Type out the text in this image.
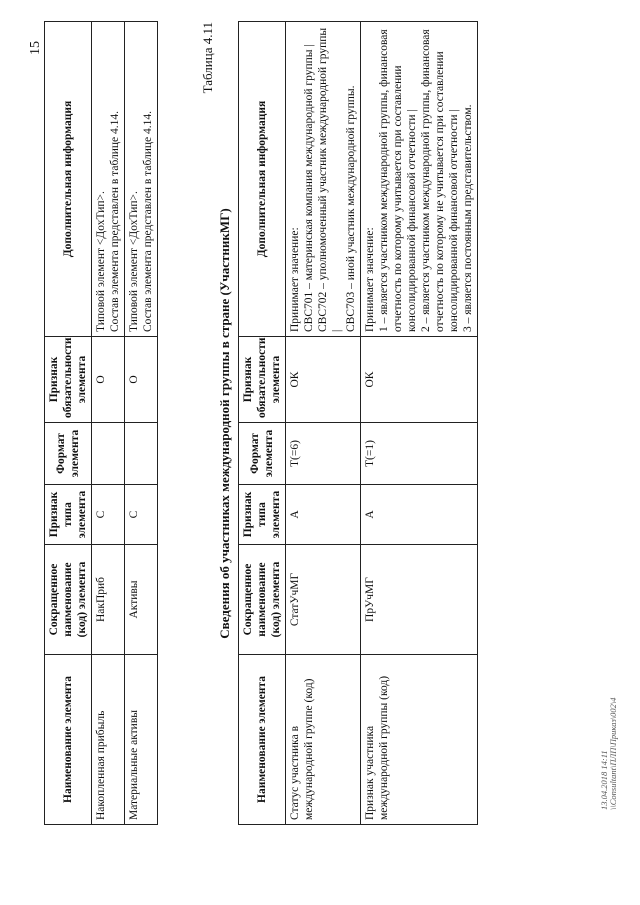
15
Наименование элемента	Сокращенное наименование (код) элемента	Признак типа элемента	Формат элемента	Признак обязательности элемента	Дополнительная информация
Накопленная прибыль	НакПриб	С		О	Типовой элемент <ДохТип>. Состав элемента представлен в таблице 4.14.

Материальные активы	Активы	С		О	Типовой элемент <ДохТип>. Состав элемента представлен в таблице 4.14.
Таблица 4.11
Сведения об участниках международной группы в стране (УчастникМГ)
Наименование элемента	Сокращенное наименование (код) элемента	Признак типа элемента	Формат элемента	Признак обязательности элемента	Дополнительная информация
Статус участника в международной группе (код)	СтатУчМГ	А	T(=6)	ОК	Принимает значение: СВС701 – материнская компания международной группы | СВС702 – уполномоченный участник международной группы | СВС703 – иной участник международной группы.

Признак участника международной группы (код)	ПрУчМГ	А	T(=1)	ОК	Принимает значение: 1 – является участником международной группы, финансовая отчетность по которому учитывается при составлении консолидированной финансовой отчетности | 2 – является участником международной группы, финансовая отчетность по которому не учитывается при составлении консолидированной финансовой отчетности | 3 – является постоянным представительством.
13.04.2018 14:11 \\Consultant\ПЛП\Приказ\002\4
